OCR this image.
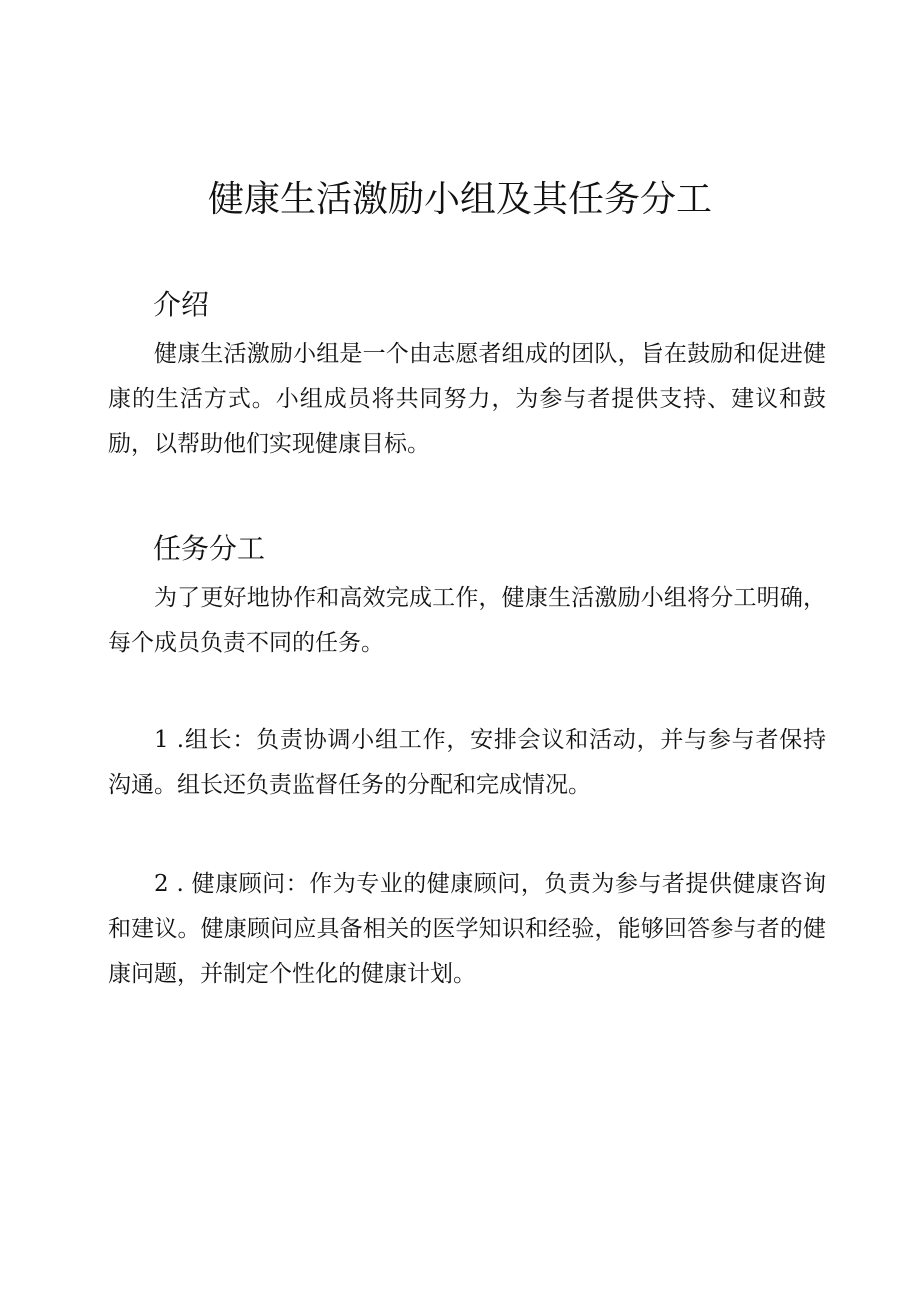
健康生活激励小组及其任务分工
介绍

健康生活激励小组是一个由志愿者组成的团队，旨在鼓励和促进健康的生活方式。小组成员将共同努力，为参与者提供支持、建议和鼓励，以帮助他们实现健康目标。

任务分工

为了更好地协作和高效完成工作，健康生活激励小组将分工明确，每个成员负责不同的任务。

1 .组长：负责协调小组工作，安排会议和活动，并与参与者保持沟通。组长还负责监督任务的分配和完成情况。

2 . 健康顾问：作为专业的健康顾问，负责为参与者提供健康咨询和建议。健康顾问应具备相关的医学知识和经验，能够回答参与者的健康问题，并制定个性化的健康计划。
